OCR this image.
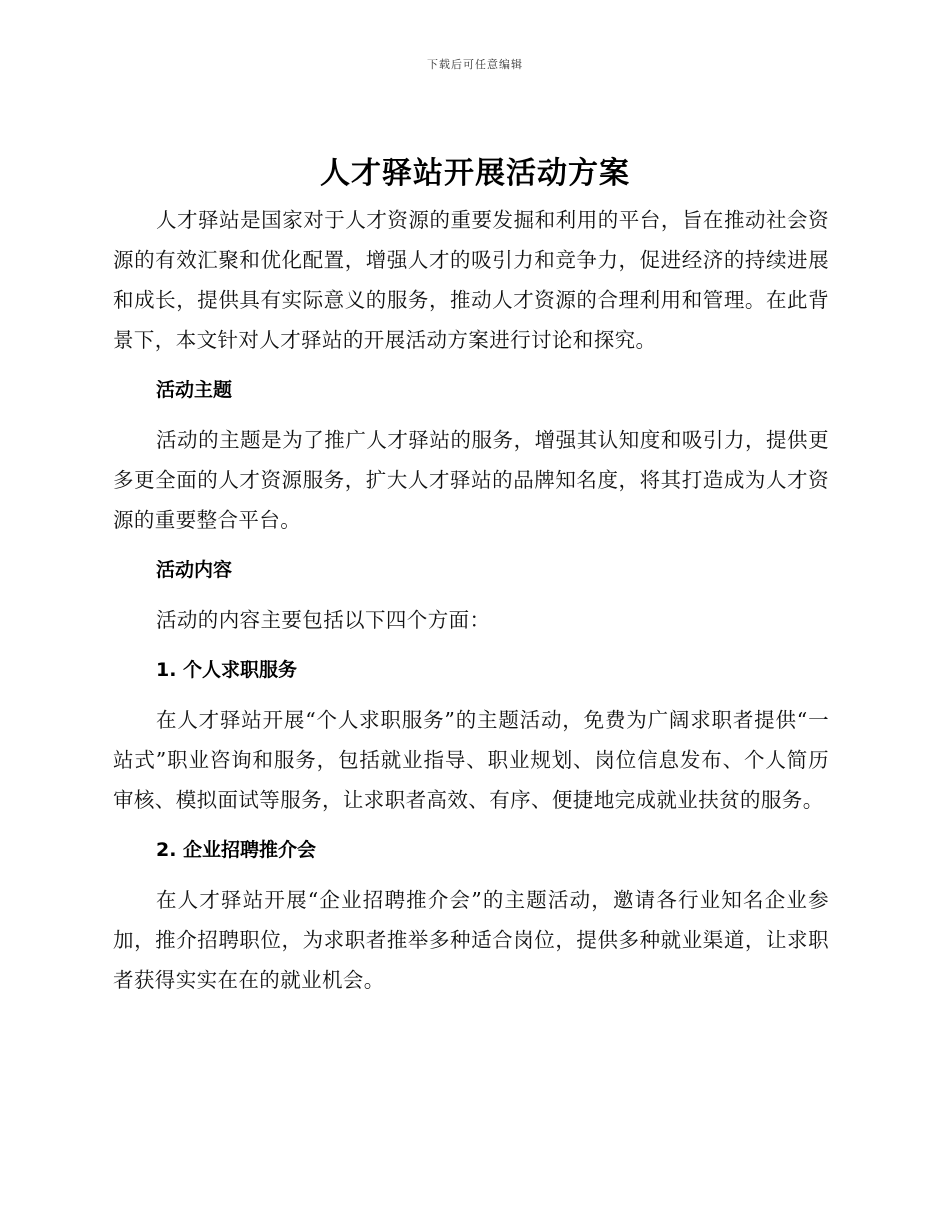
下载后可任意编辑
人才驿站开展活动方案

人才驿站是国家对于人才资源的重要发掘和利用的平台，旨在推动社会资源的有效汇聚和优化配置，增强人才的吸引力和竞争力，促进经济的持续进展和成长，提供具有实际意义的服务，推动人才资源的合理利用和管理。在此背景下，本文针对人才驿站的开展活动方案进行讨论和探究。

活动主题

活动的主题是为了推广人才驿站的服务，增强其认知度和吸引力，提供更多更全面的人才资源服务，扩大人才驿站的品牌知名度，将其打造成为人才资源的重要整合平台。

活动内容

活动的内容主要包括以下四个方面：

1. 个人求职服务

在人才驿站开展“个人求职服务”的主题活动，免费为广阔求职者提供“一站式”职业咨询和服务，包括就业指导、职业规划、岗位信息发布、个人简历审核、模拟面试等服务，让求职者高效、有序、便捷地完成就业扶贫的服务。

2. 企业招聘推介会

在人才驿站开展“企业招聘推介会”的主题活动，邀请各行业知名企业参加，推介招聘职位，为求职者推举多种适合岗位，提供多种就业渠道，让求职者获得实实在在的就业机会。
